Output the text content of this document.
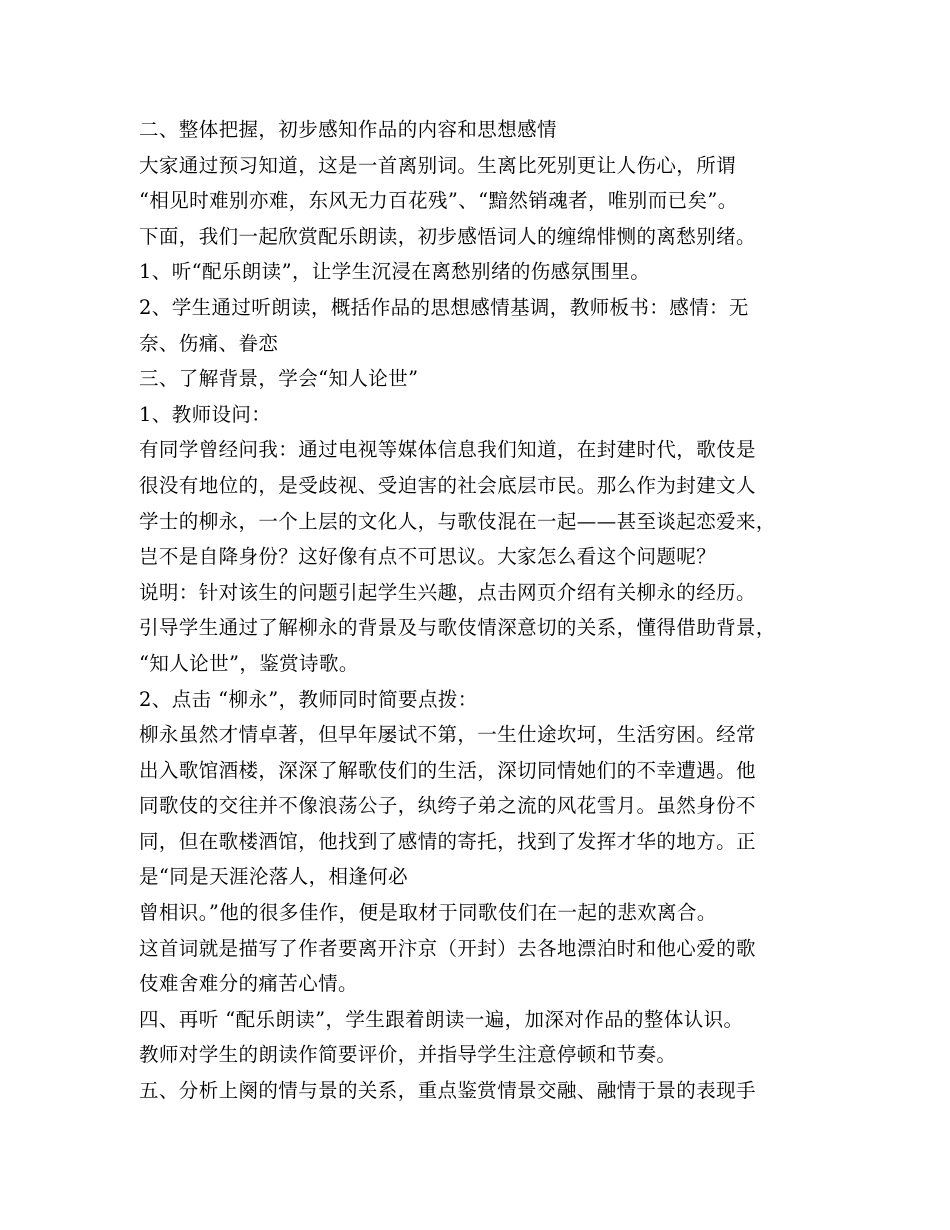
二、整体把握，初步感知作品的内容和思想感情
大家通过预习知道，这是一首离别词。生离比死别更让人伤心，所谓
“相见时难别亦难，东风无力百花残”、“黯然销魂者，唯别而已矣”。
下面，我们一起欣赏配乐朗读，初步感悟词人的缠绵悱恻的离愁别绪。
1、听“配乐朗读”，让学生沉浸在离愁别绪的伤感氛围里。
2、学生通过听朗读，概括作品的思想感情基调，教师板书：感情：无
奈、伤痛、眷恋
三、了解背景，学会“知人论世”
1、教师设问：
有同学曾经问我：通过电视等媒体信息我们知道，在封建时代，歌伎是
很没有地位的，是受歧视、受迫害的社会底层市民。那么作为封建文人
学士的柳永，一个上层的文化人，与歌伎混在一起——甚至谈起恋爱来，
岂不是自降身份？这好像有点不可思议。大家怎么看这个问题呢？
说明：针对该生的问题引起学生兴趣，点击网页介绍有关柳永的经历。
引导学生通过了解柳永的背景及与歌伎情深意切的关系，懂得借助背景，
“知人论世”，鉴赏诗歌。
2、点击 “柳永”，教师同时简要点拨：
柳永虽然才情卓著，但早年屡试不第，一生仕途坎坷，生活穷困。经常
出入歌馆酒楼，深深了解歌伎们的生活，深切同情她们的不幸遭遇。他
同歌伎的交往并不像浪荡公子，纨绔子弟之流的风花雪月。虽然身份不
同，但在歌楼酒馆，他找到了感情的寄托，找到了发挥才华的地方。正
是“同是天涯沦落人，相逢何必
曾相识。”他的很多佳作，便是取材于同歌伎们在一起的悲欢离合。
这首词就是描写了作者要离开汴京（开封）去各地漂泊时和他心爱的歌
伎难舍难分的痛苦心情。
四、再听 “配乐朗读”，学生跟着朗读一遍，加深对作品的整体认识。
教师对学生的朗读作简要评价，并指导学生注意停顿和节奏。
五、分析上阕的情与景的关系，重点鉴赏情景交融、融情于景的表现手
